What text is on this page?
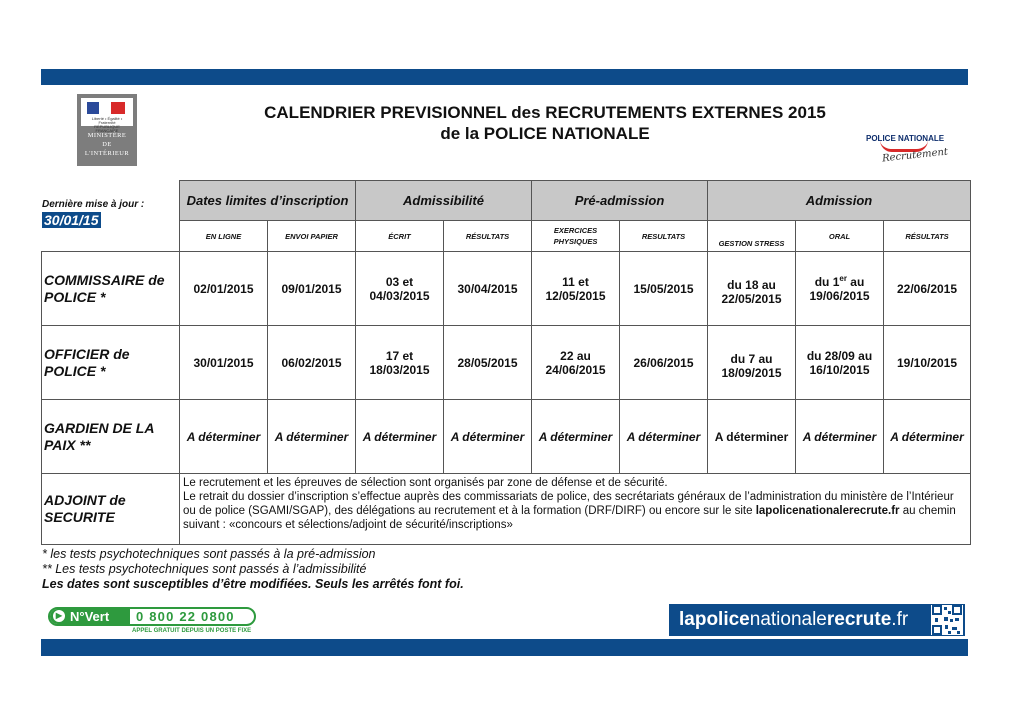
Liberté • Égalité • Fraternité
RÉPUBLIQUE FRANÇAISE
MINISTÈRE
DE
L'INTÉRIEUR
CALENDRIER PREVISIONNEL des RECRUTEMENTS EXTERNES 2015
de la POLICE NATIONALE	POLICE NATIONALE
Recrutement
Dernière mise à jour :
30/01/15
	Dates limites d’inscription		Admissibilité		Pré-admission		Admission		
	EN LIGNE	ENVOI PAPIER	ÉCRIT	RÉSULTATS	EXERCICES PHYSIQUES	RESULTATS	GESTION STRESS	ORAL	RÉSULTATS
COMMISSAIRE de POLICE *	02/01/2015	09/01/2015	03 et 04/03/2015	30/04/2015	11 et 12/05/2015	15/05/2015	du 18 au 22/05/2015	du 1er au 19/06/2015	22/06/2015
OFFICIER de POLICE *	30/01/2015	06/02/2015	17 et 18/03/2015	28/05/2015	22 au 24/06/2015	26/06/2015	du 7 au 18/09/2015	du 28/09 au 16/10/2015	19/10/2015
GARDIEN DE LA PAIX **	A déterminer	A déterminer	A déterminer	A déterminer	A déterminer	A déterminer	A déterminer	A déterminer	A déterminer
ADJOINT de SECURITE	Le recrutement et les épreuves de sélection sont organisés par zone de défense et de sécurité.
Le retrait du dossier d’inscription s’effectue auprès des commissariats de police, des secrétariats généraux de l’administration du ministère de l’Intérieur ou de police (SGAMI/SGAP), des délégations au recrutement et à la formation (DRF/DIRF) ou encore sur le site lapolicenationalerecrute.fr au chemin suivant : «concours et sélections/adjoint de sécurité/inscriptions»								
* les tests psychotechniques sont passés à la pré-admission
** Les tests psychotechniques sont passés à l’admissibilité
Les dates sont susceptibles d’être modifiées. Seuls les arrêtés font foi.
▶ N°Vert 0 800 22 0800
APPEL GRATUIT DEPUIS UN POSTE FIXE
lapolicenationalerecrute.fr
